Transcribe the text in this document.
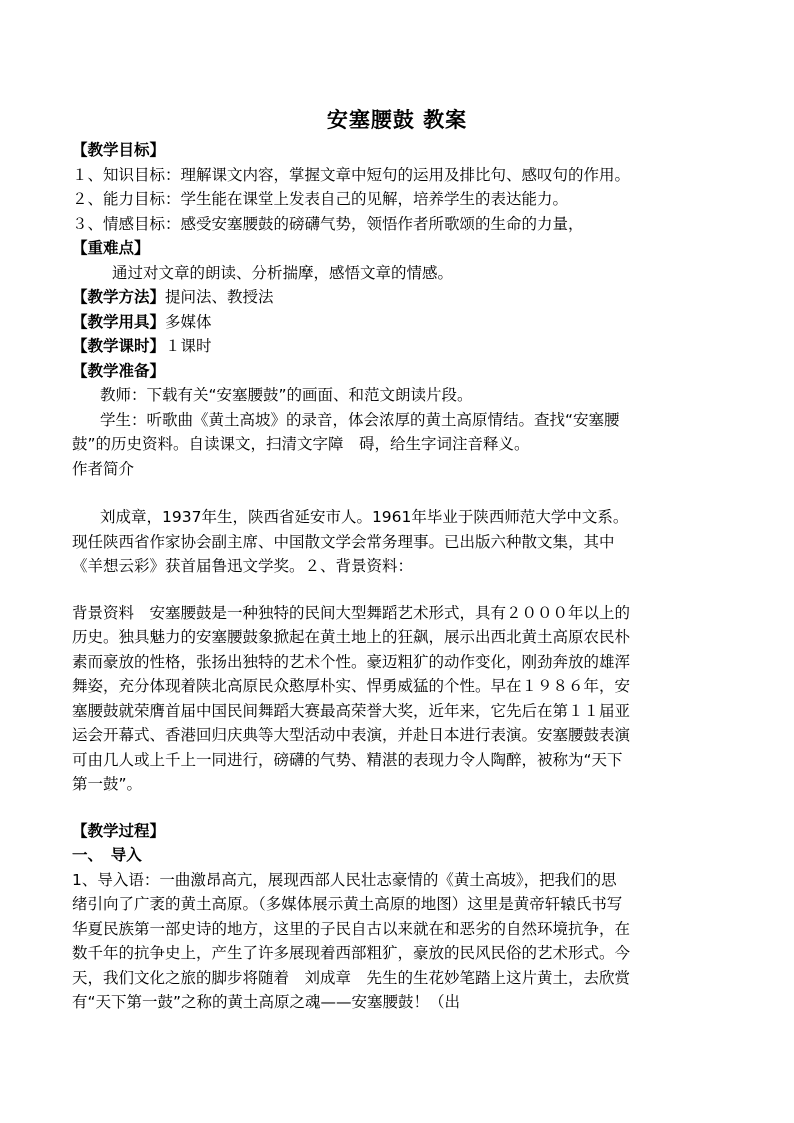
安塞腰鼓 教案

【教学目标】

１、知识目标：理解课文内容，掌握文章中短句的运用及排比句、感叹句的作用。

２、能力目标：学生能在课堂上发表自己的见解，培养学生的表达能力。

３、情感目标：感受安塞腰鼓的磅礴气势，领悟作者所歌颂的生命的力量，

【重难点】

通过对文章的朗读、分析揣摩，感悟文章的情感。

【教学方法】提问法、教授法

【教学用具】多媒体

【教学课时】１课时

【教学准备】

教师：下载有关“安塞腰鼓”的画面、和范文朗读片段。

学生：听歌曲《黄土高坡》的录音，体会浓厚的黄土高原情结。查找“安塞腰鼓”的历史资料。自读课文，扫清文字障　碍，给生字词注音释义。

作者简介

刘成章，1937年生，陕西省延安市人。1961年毕业于陕西师范大学中文系。现任陕西省作家协会副主席、中国散文学会常务理事。已出版六种散文集，其中《羊想云彩》获首届鲁迅文学奖。２、背景资料：

背景资料　安塞腰鼓是一种独特的民间大型舞蹈艺术形式，具有２０００年以上的历史。独具魅力的安塞腰鼓象掀起在黄土地上的狂飙，展示出西北黄土高原农民朴素而豪放的性格，张扬出独特的艺术个性。豪迈粗犷的动作变化，刚劲奔放的雄浑舞姿，充分体现着陕北高原民众憨厚朴实、悍勇威猛的个性。早在１９８６年，安塞腰鼓就荣膺首届中国民间舞蹈大赛最高荣誉大奖，近年来，它先后在第１１届亚运会开幕式、香港回归庆典等大型活动中表演，并赴日本进行表演。安塞腰鼓表演可由几人或上千上一同进行，磅礴的气势、精湛的表现力令人陶醉，被称为“天下第一鼓”。

【教学过程】

一、　导入

1、导入语：一曲激昂高亢，展现西部人民壮志豪情的《黄土高坡》，把我们的思绪引向了广袤的黄土高原。（多媒体展示黄土高原的地图）这里是黄帝轩辕氏书写华夏民族第一部史诗的地方，这里的子民自古以来就在和恶劣的自然环境抗争，在数千年的抗争史上，产生了许多展现着西部粗犷，豪放的民风民俗的艺术形式。今天，我们文化之旅的脚步将随着　刘成章　先生的生花妙笔踏上这片黄土，去欣赏有“天下第一鼓”之称的黄土高原之魂——安塞腰鼓！（出
